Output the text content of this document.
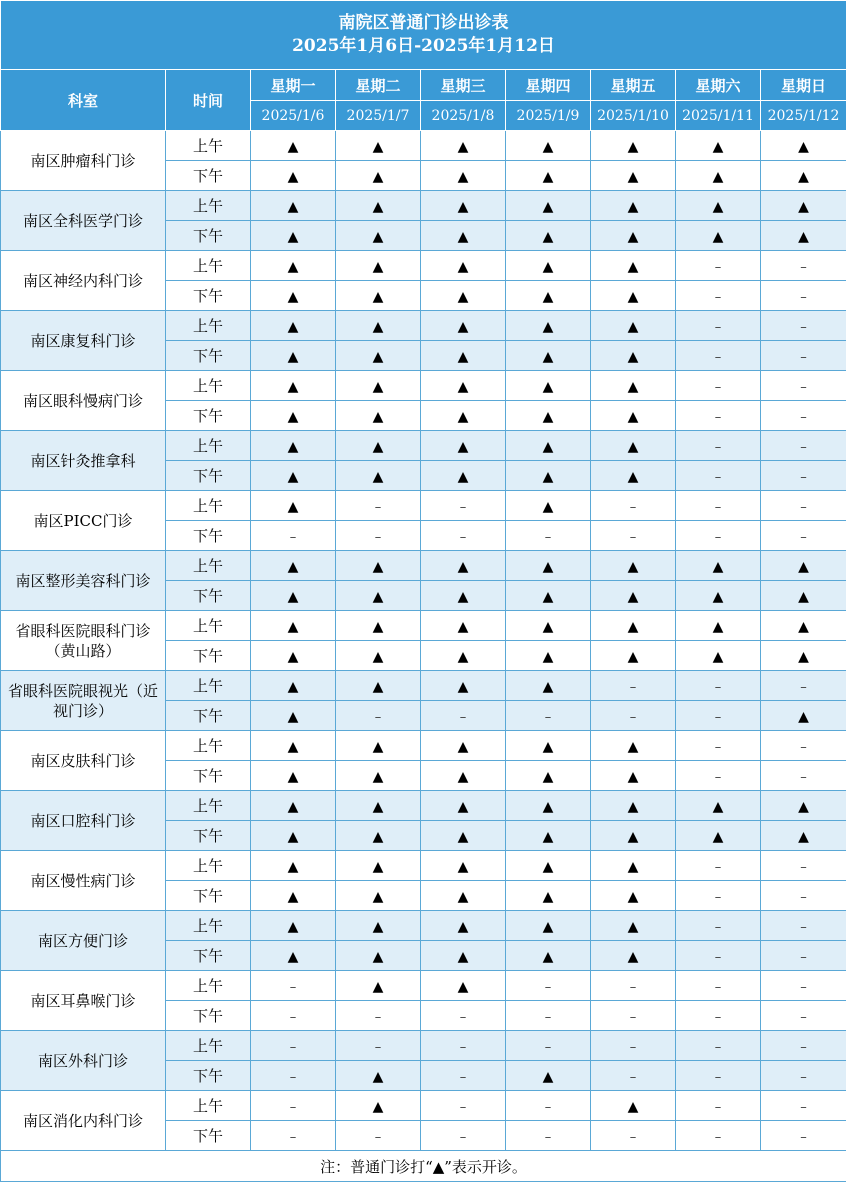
南院区普通门诊出诊表
2025年1月6日-2025年1月12日								

科室	时间	星期一	星期二	星期三	星期四	星期五	星期六	星期日
		2025/1/6	2025/1/7	2025/1/8	2025/1/9	2025/1/10	2025/1/11	2025/1/12
南区肿瘤科门诊	上午	▲	▲	▲	▲	▲	▲	▲
	下午	▲	▲	▲	▲	▲	▲	▲
南区全科医学门诊	上午	▲	▲	▲	▲	▲	▲	▲
	下午	▲	▲	▲	▲	▲	▲	▲
南区神经内科门诊	上午	▲	▲	▲	▲	▲	–	–
	下午	▲	▲	▲	▲	▲	–	–
南区康复科门诊	上午	▲	▲	▲	▲	▲	–	–
	下午	▲	▲	▲	▲	▲	–	–
南区眼科慢病门诊	上午	▲	▲	▲	▲	▲	–	–
	下午	▲	▲	▲	▲	▲	–	–
南区针灸推拿科	上午	▲	▲	▲	▲	▲	–	–
	下午	▲	▲	▲	▲	▲	–	–
南区PICC门诊	上午	▲	–	–	▲	–	–	–
	下午	–	–	–	–	–	–	–
南区整形美容科门诊	上午	▲	▲	▲	▲	▲	▲	▲
	下午	▲	▲	▲	▲	▲	▲	▲
省眼科医院眼科门诊（黄山路）	上午	▲	▲	▲	▲	▲	▲	▲
	下午	▲	▲	▲	▲	▲	▲	▲
省眼科医院眼视光（近视门诊）	上午	▲	▲	▲	▲	–	–	–
	下午	▲	–	–	–	–	–	▲
南区皮肤科门诊	上午	▲	▲	▲	▲	▲	–	–
	下午	▲	▲	▲	▲	▲	–	–
南区口腔科门诊	上午	▲	▲	▲	▲	▲	▲	▲
	下午	▲	▲	▲	▲	▲	▲	▲
南区慢性病门诊	上午	▲	▲	▲	▲	▲	–	–
	下午	▲	▲	▲	▲	▲	–	–
南区方便门诊	上午	▲	▲	▲	▲	▲	–	–
	下午	▲	▲	▲	▲	▲	–	–
南区耳鼻喉门诊	上午	–	▲	▲	–	–	–	–
	下午	–	–	–	–	–	–	–
南区外科门诊	上午	–	–	–	–	–	–	–
	下午	–	▲	–	▲	–	–	–
南区消化内科门诊	上午	–	▲	–	–	▲	–	–
	下午	–	–	–	–	–	–	–
注：普通门诊打“▲”表示开诊。								
